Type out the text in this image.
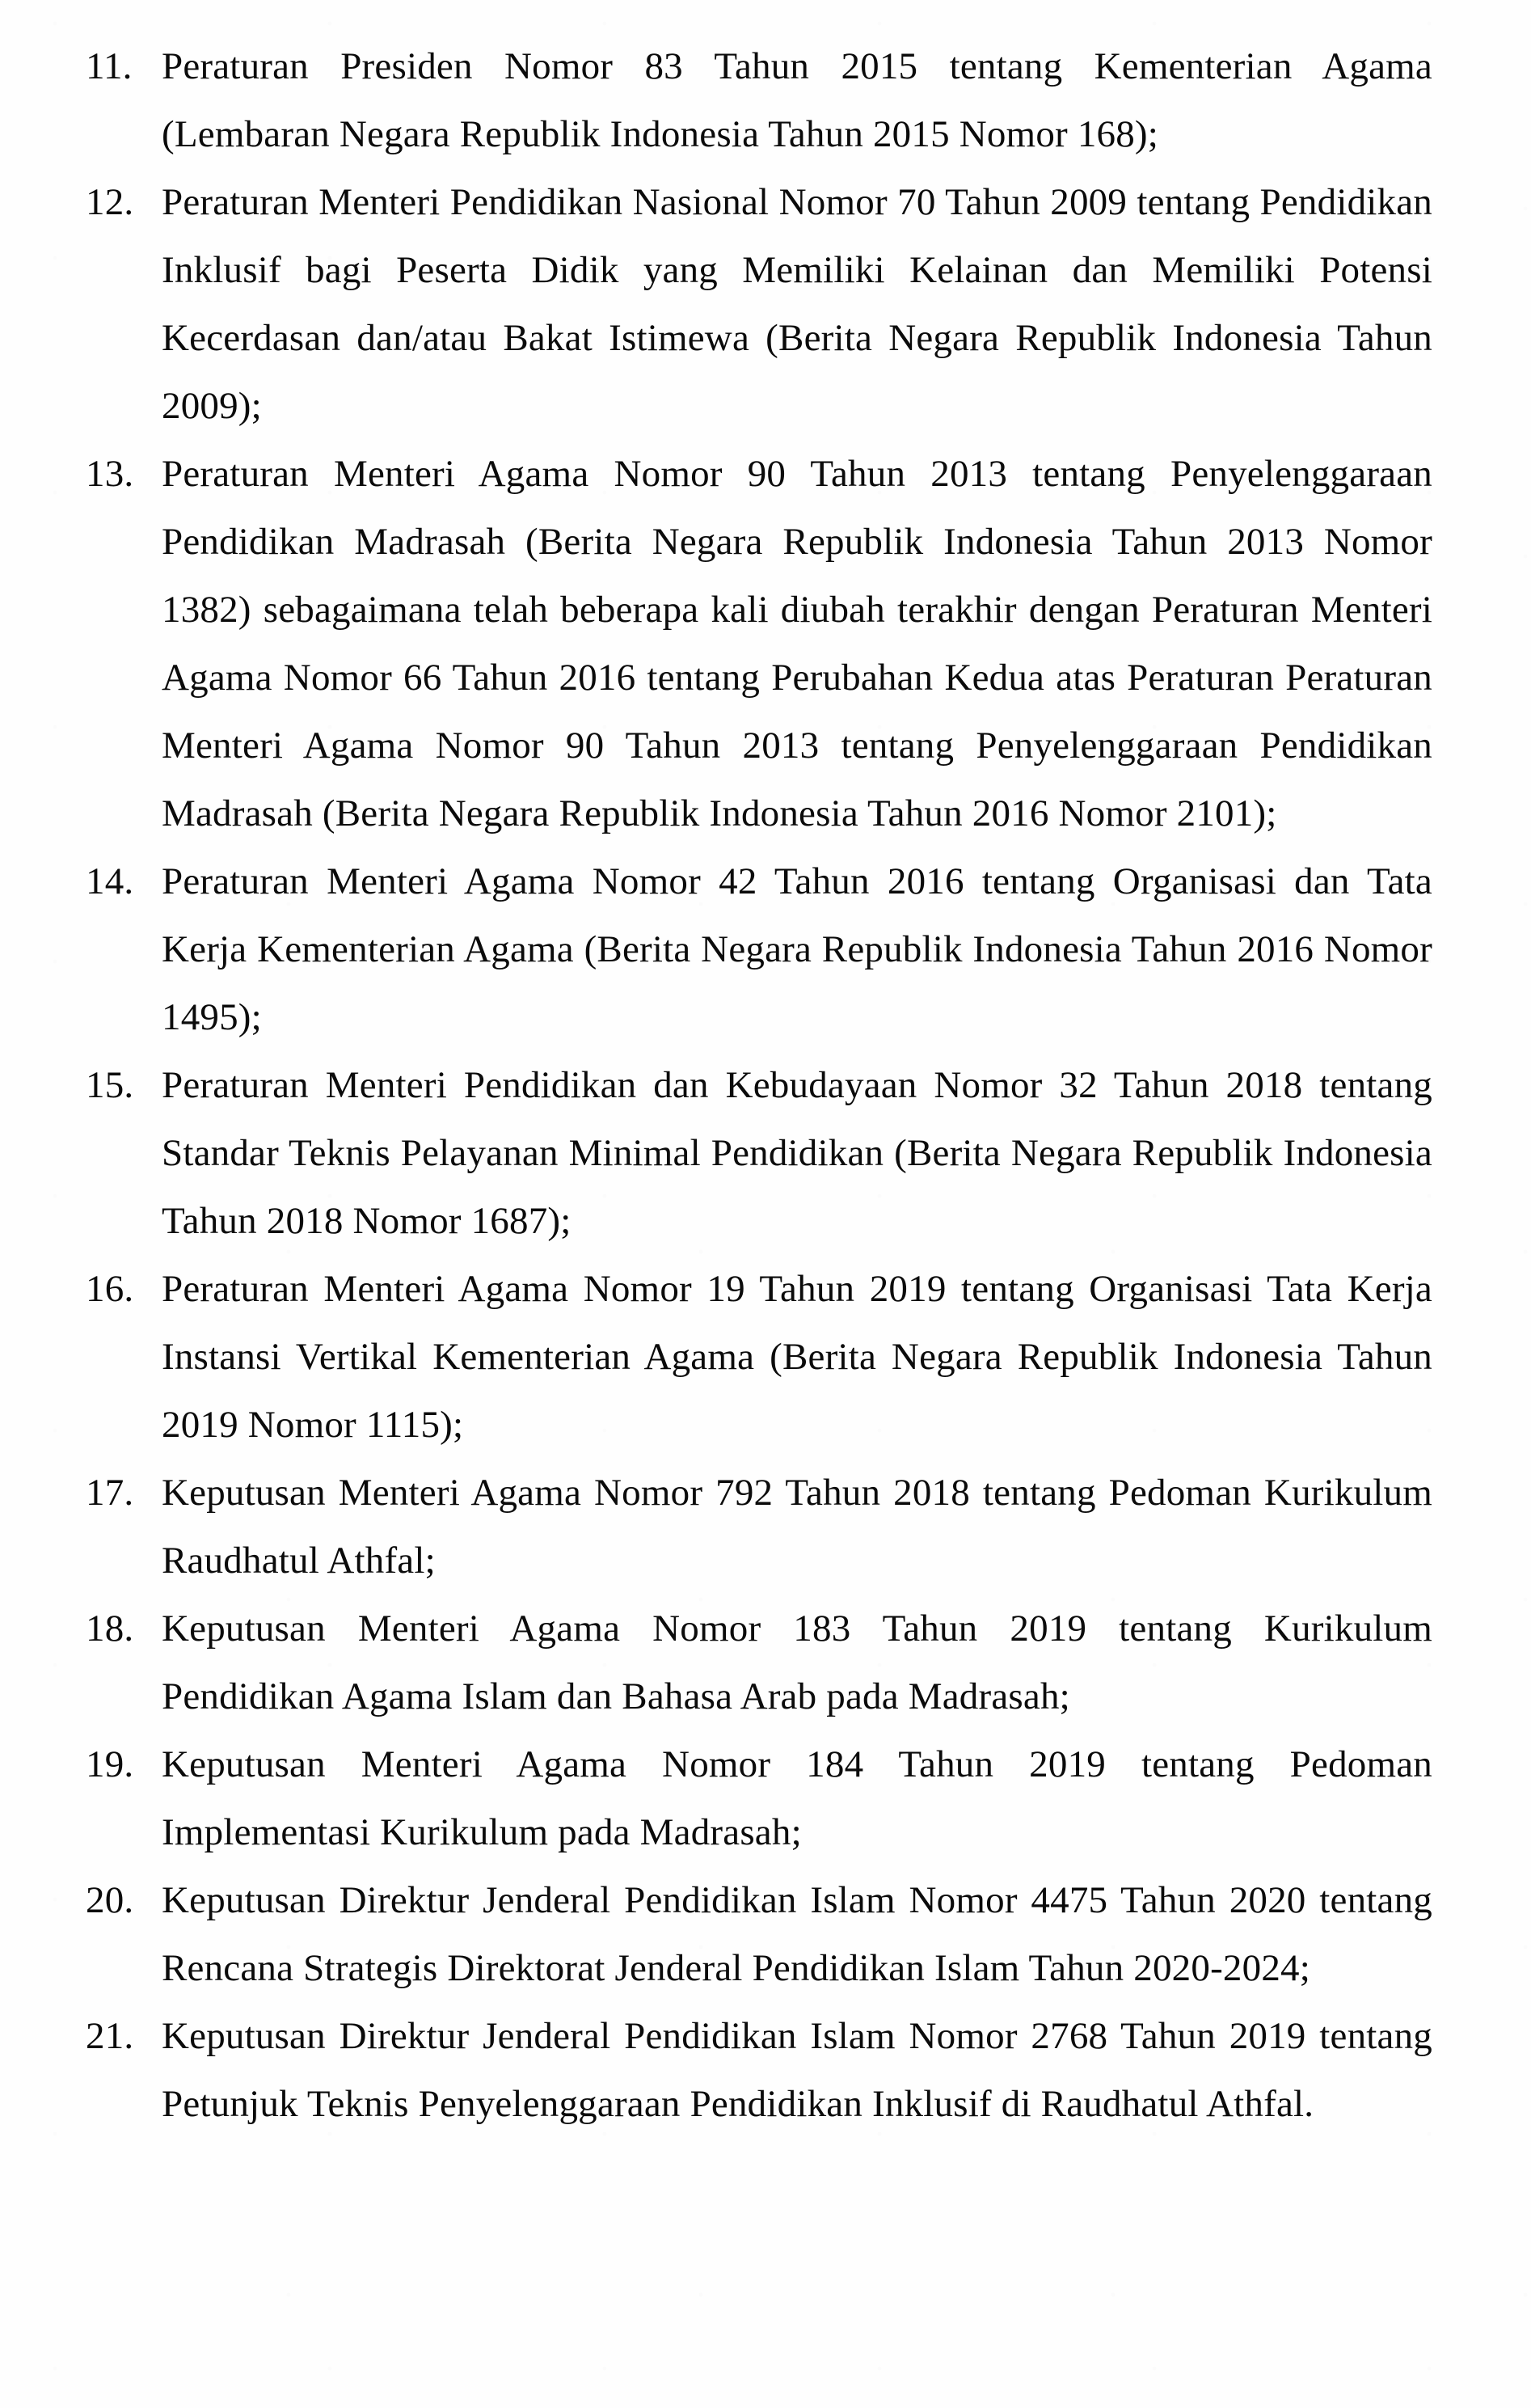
11. Peraturan Presiden Nomor 83 Tahun 2015 tentang Kementerian Agama (Lembaran Negara Republik Indonesia Tahun 2015 Nomor 168);
12. Peraturan Menteri Pendidikan Nasional Nomor 70 Tahun 2009 tentang Pendidikan Inklusif bagi Peserta Didik yang Memiliki Kelainan dan Memiliki Potensi Kecerdasan dan/atau Bakat Istimewa (Berita Negara Republik Indonesia Tahun 2009);
13. Peraturan Menteri Agama Nomor 90 Tahun 2013 tentang Penyelenggaraan Pendidikan Madrasah (Berita Negara Republik Indonesia Tahun 2013 Nomor 1382) sebagaimana telah beberapa kali diubah terakhir dengan Peraturan Menteri Agama Nomor 66 Tahun 2016 tentang Perubahan Kedua atas Peraturan Peraturan Menteri Agama Nomor 90 Tahun 2013 tentang Penyelenggaraan Pendidikan Madrasah (Berita Negara Republik Indonesia Tahun 2016 Nomor 2101);
14. Peraturan Menteri Agama Nomor 42 Tahun 2016 tentang Organisasi dan Tata Kerja Kementerian Agama (Berita Negara Republik Indonesia Tahun 2016 Nomor 1495);
15. Peraturan Menteri Pendidikan dan Kebudayaan Nomor 32 Tahun 2018 tentang Standar Teknis Pelayanan Minimal Pendidikan (Berita Negara Republik Indonesia Tahun 2018 Nomor 1687);
16. Peraturan Menteri Agama Nomor 19 Tahun 2019 tentang Organisasi Tata Kerja Instansi Vertikal Kementerian Agama (Berita Negara Republik Indonesia Tahun 2019 Nomor 1115);
17. Keputusan Menteri Agama Nomor 792 Tahun 2018 tentang Pedoman Kurikulum Raudhatul Athfal;
18. Keputusan Menteri Agama Nomor 183 Tahun 2019 tentang Kurikulum Pendidikan Agama Islam dan Bahasa Arab pada Madrasah;
19. Keputusan Menteri Agama Nomor 184 Tahun 2019 tentang Pedoman Implementasi Kurikulum pada Madrasah;
20. Keputusan Direktur Jenderal Pendidikan Islam Nomor 4475 Tahun 2020 tentang Rencana Strategis Direktorat Jenderal Pendidikan Islam Tahun 2020-2024;
21. Keputusan Direktur Jenderal Pendidikan Islam Nomor 2768 Tahun 2019 tentang Petunjuk Teknis Penyelenggaraan Pendidikan Inklusif di Raudhatul Athfal.
